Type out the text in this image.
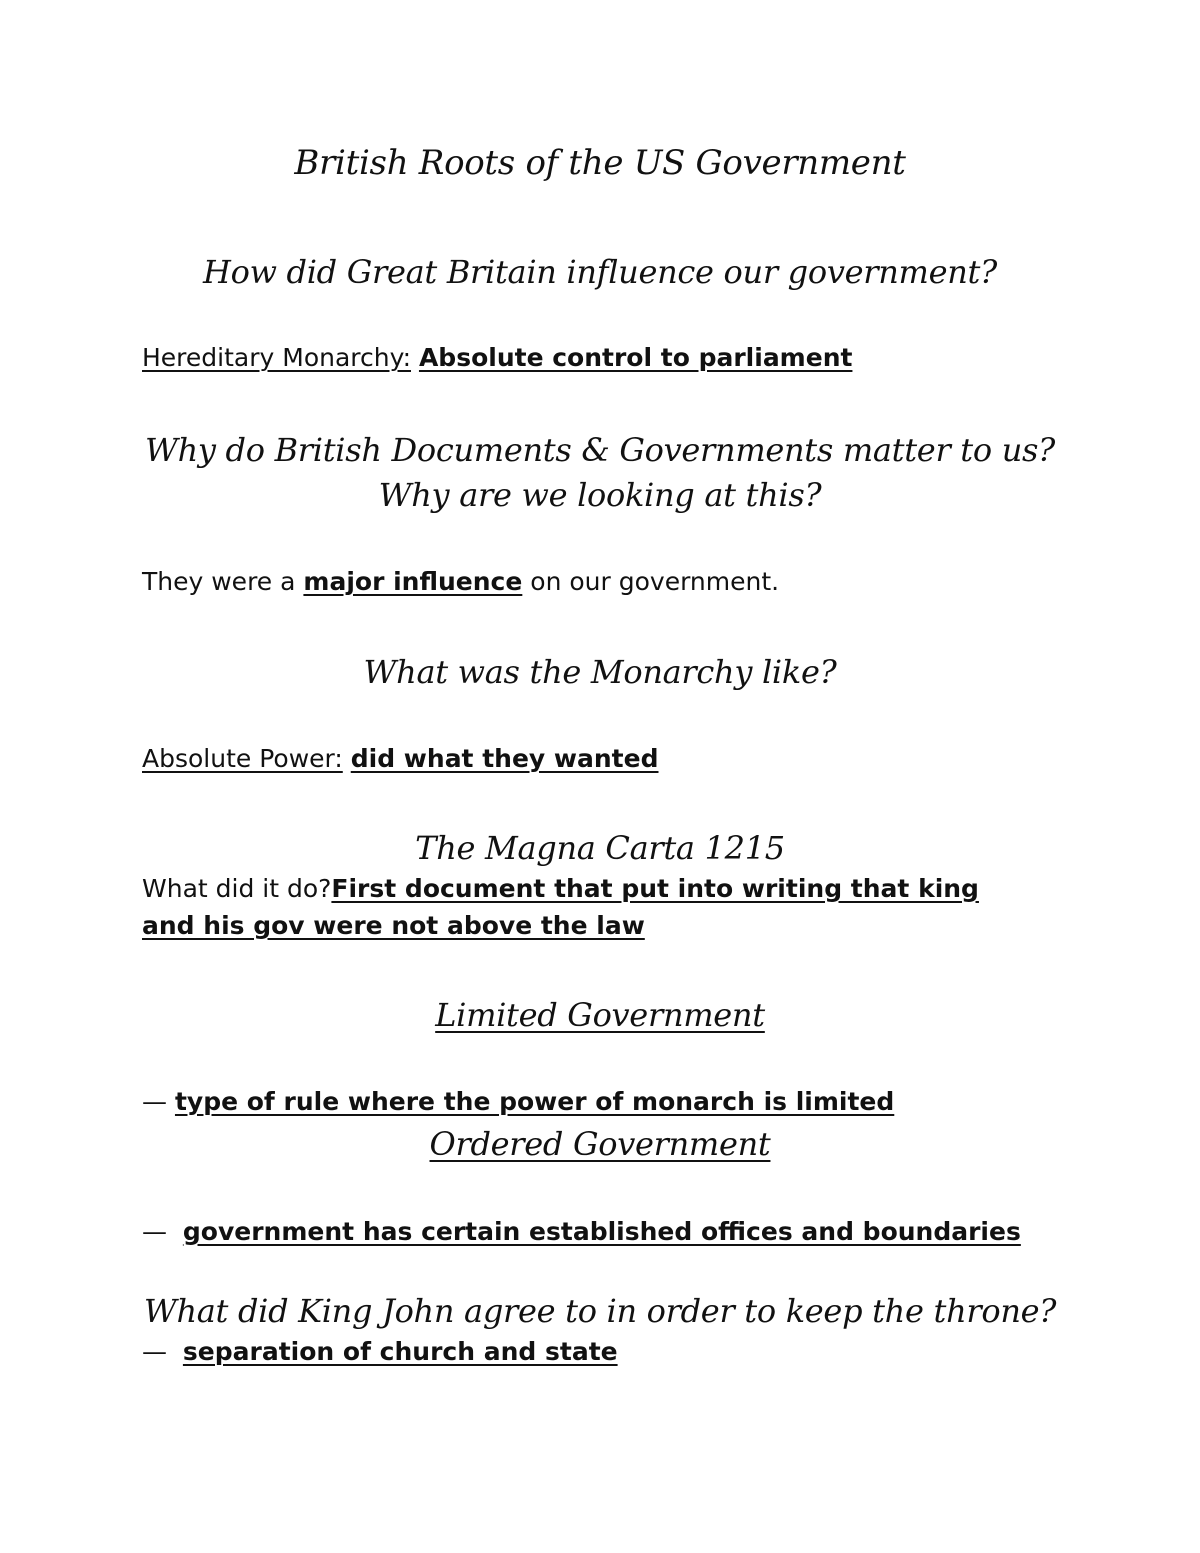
British Roots of the US Government
How did Great Britain influence our government?
Hereditary Monarchy: Absolute control to parliament
Why do British Documents & Governments matter to us?
Why are we looking at this?
They were a major influence on our government.
What was the Monarchy like?
Absolute Power: did what they wanted
The Magna Carta 1215
What did it do?First document that put into writing that king
and his gov were not above the law
Limited Government
— type of rule where the power of monarch is limited
Ordered Government
— government has certain established offices and boundaries
What did King John agree to in order to keep the throne?
— separation of church and state
